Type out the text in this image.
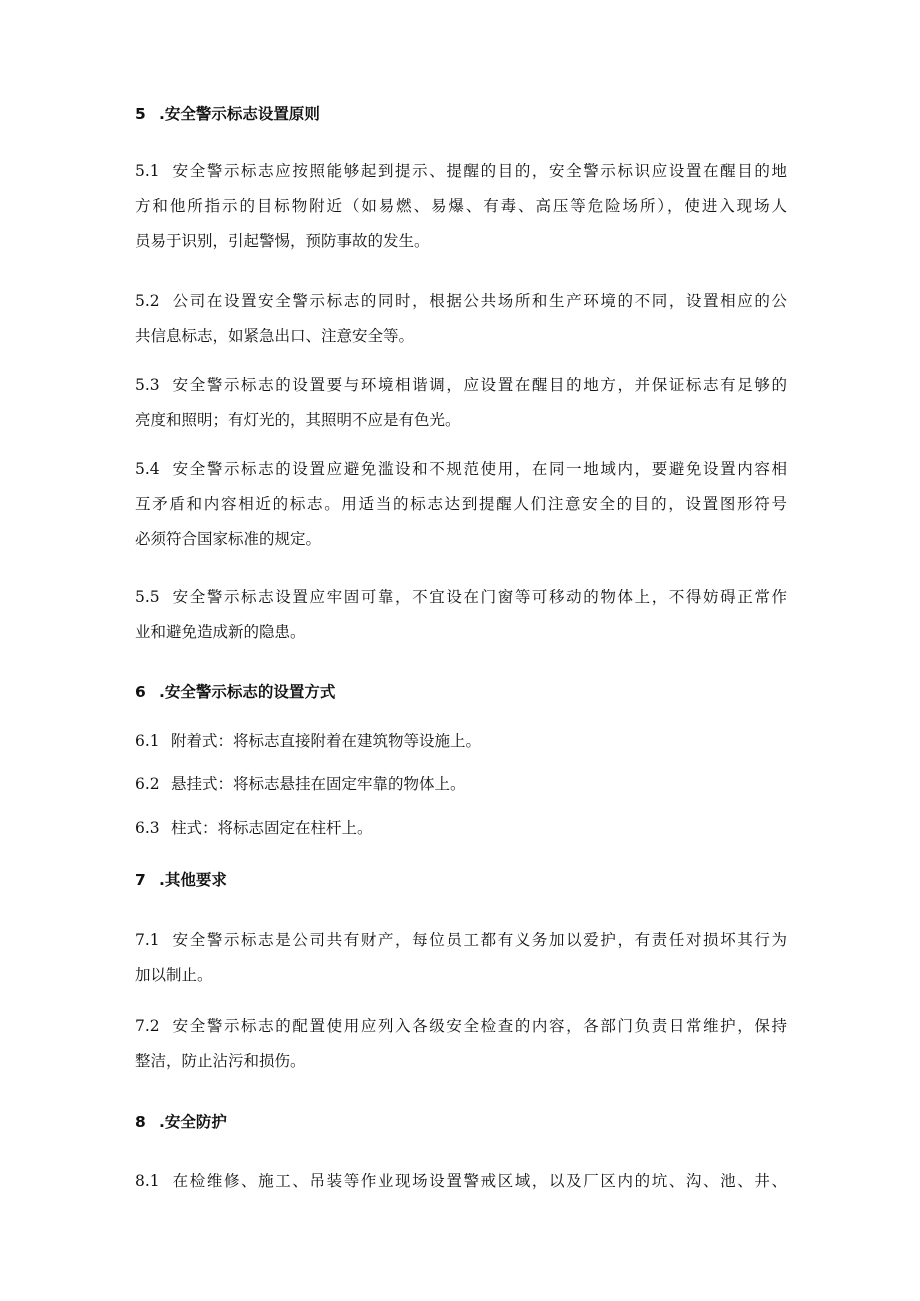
5 .安全警示标志设置原则
5.1 安全警示标志应按照能够起到提示、提醒的目的，安全警示标识应设置在醒目的地
方和他所指示的目标物附近（如易燃、易爆、有毒、高压等危险场所），使进入现场人
员易于识别，引起警惕，预防事故的发生。
5.2 公司在设置安全警示标志的同时，根据公共场所和生产环境的不同，设置相应的公
共信息标志，如紧急出口、注意安全等。
5.3 安全警示标志的设置要与环境相谐调，应设置在醒目的地方，并保证标志有足够的
亮度和照明；有灯光的，其照明不应是有色光。
5.4 安全警示标志的设置应避免滥设和不规范使用，在同一地域内，要避免设置内容相
互矛盾和内容相近的标志。用适当的标志达到提醒人们注意安全的目的，设置图形符号
必须符合国家标准的规定。
5.5 安全警示标志设置应牢固可靠，不宜设在门窗等可移动的物体上，不得妨碍正常作
业和避免造成新的隐患。
6 .安全警示标志的设置方式
6.1 附着式：将标志直接附着在建筑物等设施上。
6.2 悬挂式：将标志悬挂在固定牢靠的物体上。
6.3 柱式：将标志固定在柱杆上。
7 .其他要求
7.1 安全警示标志是公司共有财产，每位员工都有义务加以爱护，有责任对损坏其行为
加以制止。
7.2 安全警示标志的配置使用应列入各级安全检查的内容，各部门负责日常维护，保持
整洁，防止沾污和损伤。
8 .安全防护
8.1 在检维修、施工、吊装等作业现场设置警戒区域，以及厂区内的坑、沟、池、井、
